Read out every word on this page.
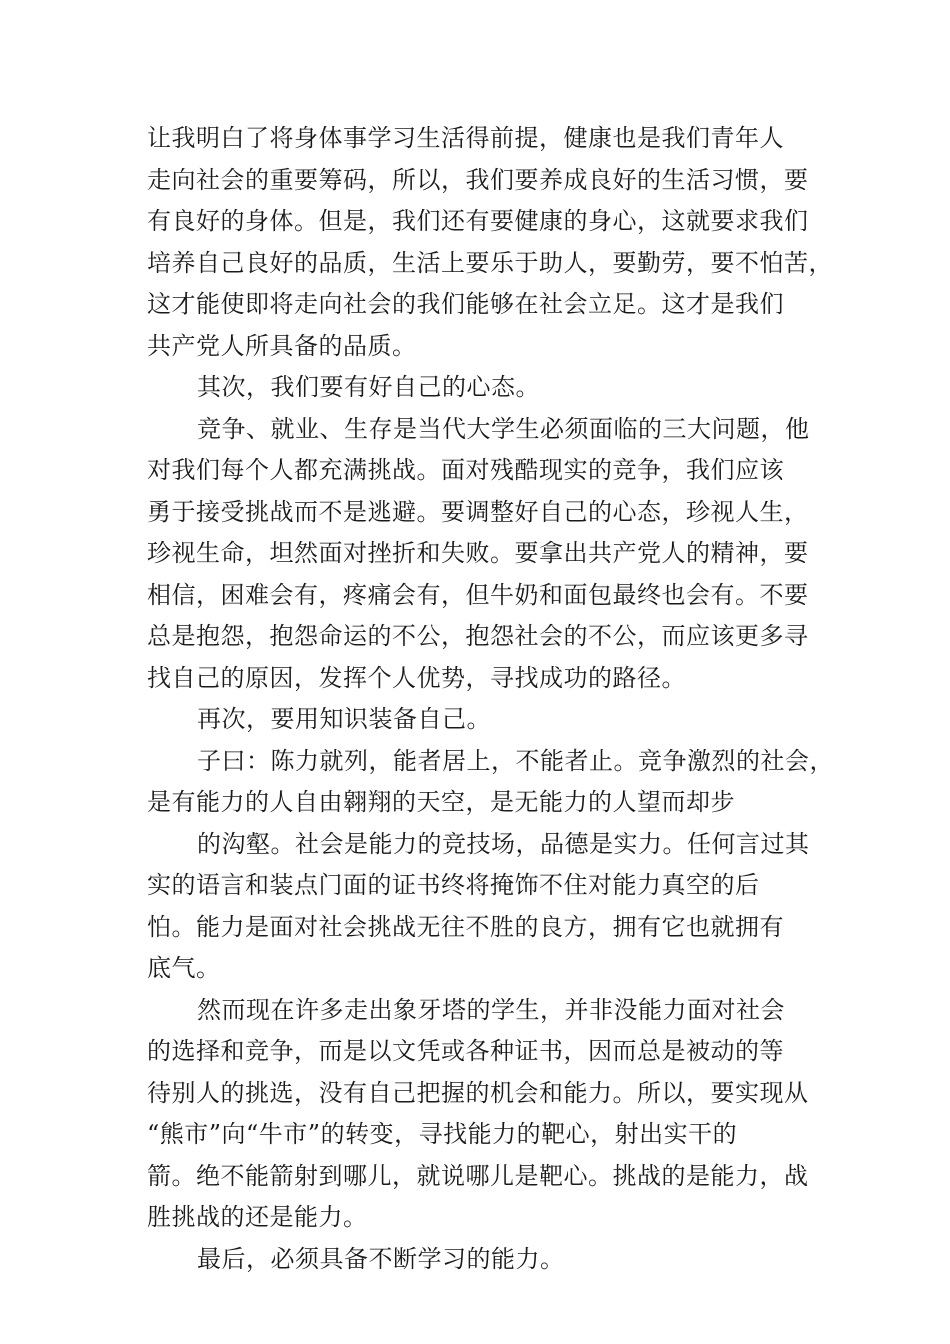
让我明白了将身体事学习生活得前提，健康也是我们青年人
走向社会的重要筹码，所以，我们要养成良好的生活习惯，要
有良好的身体。但是，我们还有要健康的身心，这就要求我们
培养自己良好的品质，生活上要乐于助人，要勤劳，要不怕苦，
这才能使即将走向社会的我们能够在社会立足。这才是我们
共产党人所具备的品质。
其次，我们要有好自己的心态。
竞争、就业、生存是当代大学生必须面临的三大问题，他
对我们每个人都充满挑战。面对残酷现实的竞争，我们应该
勇于接受挑战而不是逃避。要调整好自己的心态，珍视人生，
珍视生命，坦然面对挫折和失败。要拿出共产党人的精神，要
相信，困难会有，疼痛会有，但牛奶和面包最终也会有。不要
总是抱怨，抱怨命运的不公，抱怨社会的不公，而应该更多寻
找自己的原因，发挥个人优势，寻找成功的路径。
再次，要用知识装备自己。
子曰：陈力就列，能者居上，不能者止。竞争激烈的社会，
是有能力的人自由翱翔的天空，是无能力的人望而却步
的沟壑。社会是能力的竞技场，品德是实力。任何言过其
实的语言和装点门面的证书终将掩饰不住对能力真空的后
怕。能力是面对社会挑战无往不胜的良方，拥有它也就拥有
底气。
然而现在许多走出象牙塔的学生，并非没能力面对社会
的选择和竞争，而是以文凭或各种证书，因而总是被动的等
待别人的挑选，没有自己把握的机会和能力。所以，要实现从
“熊市”向“牛市”的转变，寻找能力的靶心，射出实干的
箭。绝不能箭射到哪儿，就说哪儿是靶心。挑战的是能力，战
胜挑战的还是能力。
最后，必须具备不断学习的能力。
